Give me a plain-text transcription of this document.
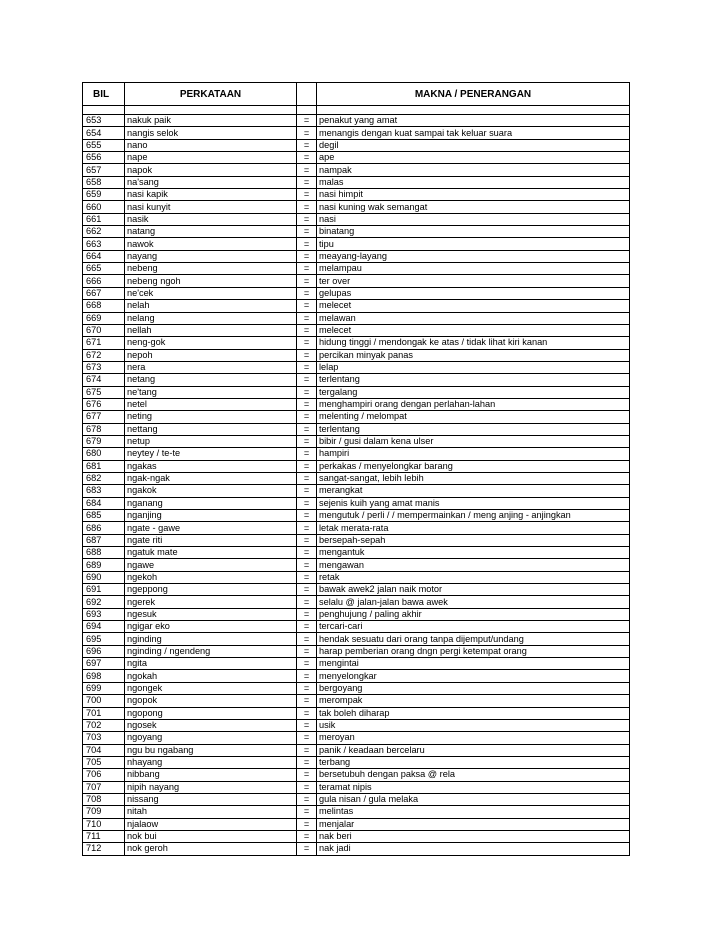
BIL	PERKATAAN		MAKNA / PENERANGAN

653	nakuk paik	=	penakut yang amat
654	nangis selok	=	menangis dengan kuat sampai tak keluar suara
655	nano	=	degil
656	nape	=	ape
657	napok	=	nampak
658	na'sang	=	malas
659	nasi kapik	=	nasi himpit
660	nasi kunyit	=	nasi kuning wak semangat
661	nasik	=	nasi
662	natang	=	binatang
663	nawok	=	tipu
664	nayang	=	meayang-layang
665	nebeng	=	melampau
666	nebeng ngoh	=	ter over
667	ne'cek	=	gelupas
668	nelah	=	melecet
669	nelang	=	melawan
670	nellah	=	melecet
671	neng-gok	=	hidung tinggi / mendongak ke atas / tidak lihat kiri kanan
672	nepoh	=	percikan minyak panas
673	nera	=	lelap
674	netang	=	terlentang
675	ne'tang	=	tergalang
676	netel	=	menghampiri orang dengan perlahan-lahan
677	neting	=	melenting / melompat
678	nettang	=	terlentang
679	netup	=	bibir / gusi dalam kena ulser
680	neytey / te-te	=	hampiri
681	ngakas	=	perkakas / menyelongkar barang
682	ngak-ngak	=	sangat-sangat, lebih lebih
683	ngakok	=	merangkat
684	nganang	=	sejenis kuih yang amat manis
685	nganjing	=	mengutuk / perli / / mempermainkan / meng anjing - anjingkan
686	ngate - gawe	=	letak merata-rata
687	ngate riti	=	bersepah-sepah
688	ngatuk mate	=	mengantuk
689	ngawe	=	mengawan
690	ngekoh	=	retak
691	ngeppong	=	bawak awek2 jalan naik motor
692	ngerek	=	selalu @ jalan-jalan bawa awek
693	ngesuk	=	penghujung / paling akhir
694	ngigar eko	=	tercari-cari
695	nginding	=	hendak sesuatu dari orang tanpa dijemput/undang
696	nginding / ngendeng	=	harap pemberian orang dngn pergi ketempat orang
697	ngita	=	mengintai
698	ngokah	=	menyelongkar
699	ngongek	=	bergoyang
700	ngopok	=	merompak
701	ngopong	=	tak boleh diharap
702	ngosek	=	usik
703	ngoyang	=	meroyan
704	ngu bu ngabang	=	panik / keadaan bercelaru
705	nhayang	=	terbang
706	nibbang	=	bersetubuh dengan paksa @ rela
707	nipih nayang	=	teramat nipis
708	nissang	=	gula nisan / gula melaka
709	nitah	=	melintas
710	njalaow	=	menjalar
711	nok bui	=	nak beri
712	nok geroh	=	nak jadi
